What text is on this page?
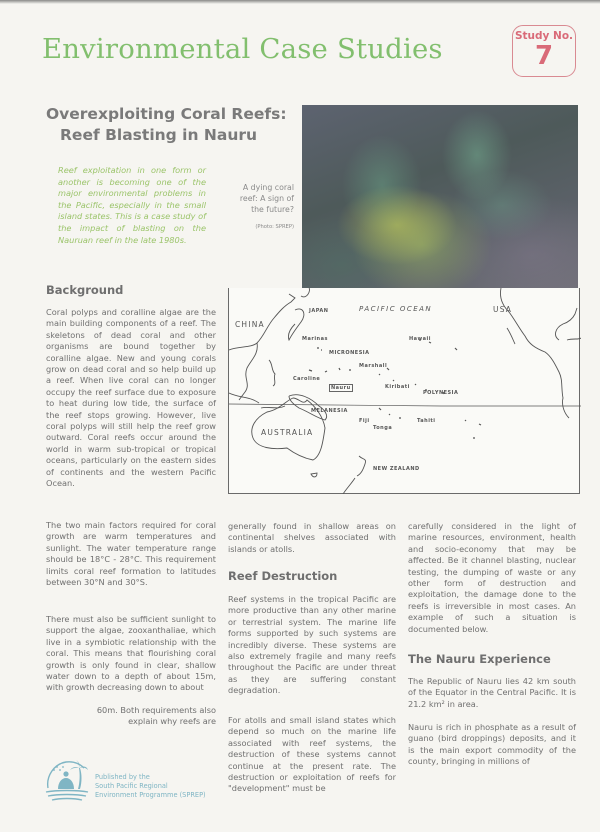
Environmental Case Studies	Study No.
7
Overexploiting Coral Reefs:
Reef Blasting in Nauru
Reef exploitation in one form or another is becoming one of the major environmental problems in the Pacific, especially in the small island states. This is a case study of the impact of blasting on the Nauruan reef in the late 1980s.
A dying coral reef: A sign of the future?
(Photo: SPREP)
CHINA
JAPAN	PACIFIC OCEAN	USA
Marinas	Hawaii
MICRONESIA
Marshall
Caroline
Nauru	Kiribati
POLYNESIA
MELANESIA
Fiji
Tonga
Tahiti
AUSTRALIA
NEW ZEALAND
Background
Coral polyps and coralline algae are the main building components of a reef. The skeletons of dead coral and other organisms are bound together by coralline algae. New and young corals grow on dead coral and so help build up a reef. When live coral can no longer occupy the reef surface due to exposure to heat during low tide, the surface of the reef stops growing. However, live coral polyps will still help the reef grow outward. Coral reefs occur around the world in warm sub-tropical or tropical oceans, particularly on the eastern sides of continents and the western Pacific Ocean.
The two main factors required for coral growth are warm temperatures and sunlight. The water temperature range should be 18°C - 28°C. This requirement limits coral reef formation to latitudes between 30°N and 30°S.
There must also be sufficient sunlight to support the algae, zooxanthaliae, which live in a symbiotic relationship with the coral. This means that flourishing coral growth is only found in clear, shallow water down to a depth of about 15m, with growth decreasing down to about
60m. Both requirements also
explain why reefs are
generally found in shallow areas on continental shelves associated with islands or atolls.
Reef Destruction
Reef systems in the tropical Pacific are more productive than any other marine or terrestrial system. The marine life forms supported by such systems are incredibly diverse. These systems are also extremely fragile and many reefs throughout the Pacific are under threat as they are suffering constant degradation.
For atolls and small island states which depend so much on the marine life associated with reef systems, the destruction of these systems cannot continue at the present rate. The destruction or exploitation of reefs for "development" must be
carefully considered in the light of marine resources, environment, health and socio-economy that may be affected. Be it channel blasting, nuclear testing, the dumping of waste or any other form of destruction and exploitation, the damage done to the reefs is irreversible in most cases. An example of such a situation is documented below.
The Nauru Experience
The Republic of Nauru lies 42 km south of the Equator in the Central Pacific. It is 21.2 km² in area.
Nauru is rich in phosphate as a result of guano (bird droppings) deposits, and it is the main export commodity of the county, bringing in millions of
Published by the
South Pacific Regional
Environment Programme (SPREP)
